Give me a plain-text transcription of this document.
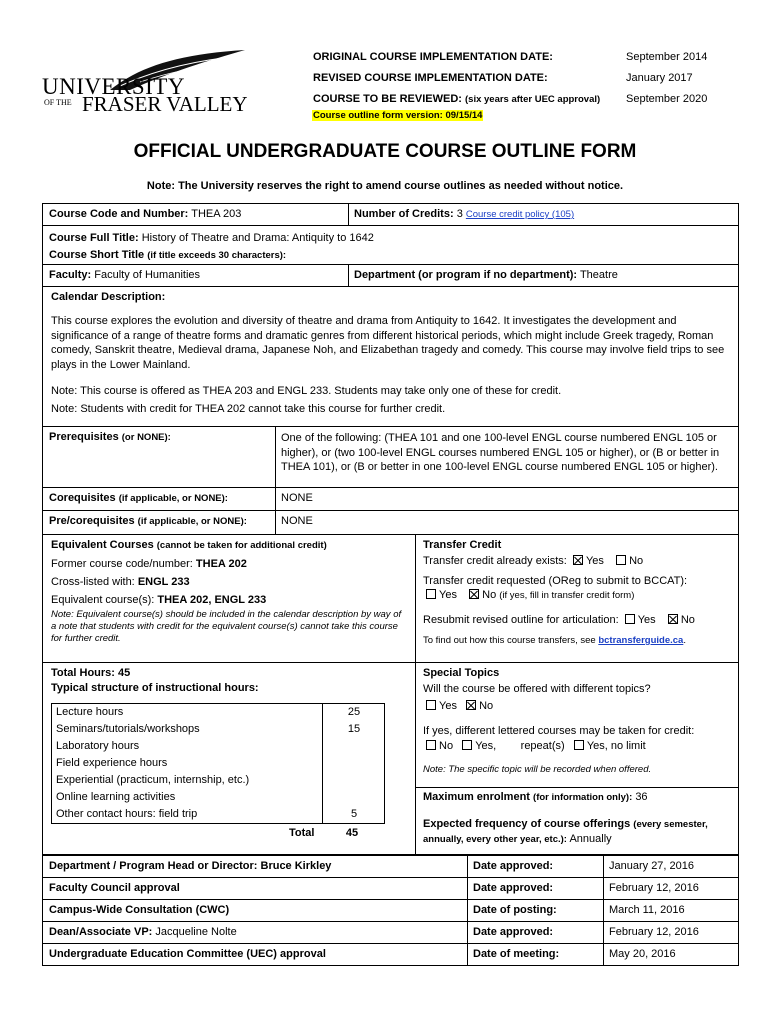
UNIVERSITY
OF THE FRASER VALLEY
ORIGINAL COURSE IMPLEMENTATION DATE:	September 2014
REVISED COURSE IMPLEMENTATION DATE:	January 2017
COURSE TO BE REVIEWED: (six years after UEC approval) September 2020
Course outline form version: 09/15/14
OFFICIAL UNDERGRADUATE COURSE OUTLINE FORM
Note: The University reserves the right to amend course outlines as needed without notice.
Course Code and Number: THEA 203	Number of Credits: 3 Course credit policy (105)

Course Full Title: History of Theatre and Drama: Antiquity to 1642

Course Short Title (if title exceeds 30 characters):

Faculty: Faculty of Humanities	Department (or program if no department): Theatre

Calendar Description:

This course explores the evolution and diversity of theatre and drama from Antiquity to 1642. It investigates the development and significance of a range of theatre forms and dramatic genres from different historical periods, which might include Greek tragedy, Roman comedy, Sanskrit theatre, Medieval drama, Japanese Noh, and Elizabethan tragedy and comedy. This course may involve field trips to see plays in the Lower Mainland.

Note: This course is offered as THEA 203 and ENGL 233. Students may take only one of these for credit.

Note: Students with credit for THEA 202 cannot take this course for further credit.

Prerequisites (or NONE):	One of the following: (THEA 101 and one 100-level ENGL course numbered ENGL 105 or higher), or (two 100-level ENGL courses numbered ENGL 105 or higher), or (B or better in THEA 101), or (B or better in one 100-level ENGL course numbered ENGL 105 or higher).
Corequisites (if applicable, or NONE):	NONE
Pre/corequisites (if applicable, or NONE):	NONE

Equivalent Courses (cannot be taken for additional credit)

Former course code/number: THEA 202

Cross-listed with: ENGL 233

Equivalent course(s): THEA 202, ENGL 233

Note: Equivalent course(s) should be included in the calendar description by way of a note that students with credit for the equivalent course(s) cannot take this course for further credit.

Transfer Credit

Transfer credit already exists: Yes No

Transfer credit requested (OReg to submit to BCCAT):

Yes No (if yes, fill in transfer credit form)

Resubmit revised outline for articulation: Yes No

To find out how this course transfers, see bctransferguide.ca.

Total Hours: 45

Typical structure of instructional hours:

Lecture hours	25
Seminars/tutorials/workshops	15
Laboratory hours
Field experience hours
Experiential (practicum, internship, etc.)
Online learning activities
Other contact hours: field trip	5
Total	45

Special Topics

Will the course be offered with different topics?

Yes No

If yes, different lettered courses may be taken for credit:

No Yes, repeat(s) Yes, no limit

Note: The specific topic will be recorded when offered.

Maximum enrolment (for information only): 36

Expected frequency of course offerings (every semester, annually, every other year, etc.): Annually

Department / Program Head or Director: Bruce Kirkley	Date approved:	January 27, 2016
Faculty Council approval	Date approved:	February 12, 2016
Campus-Wide Consultation (CWC)	Date of posting:	March 11, 2016
Dean/Associate VP: Jacqueline Nolte	Date approved:	February 12, 2016
Undergraduate Education Committee (UEC) approval	Date of meeting:	May 20, 2016
